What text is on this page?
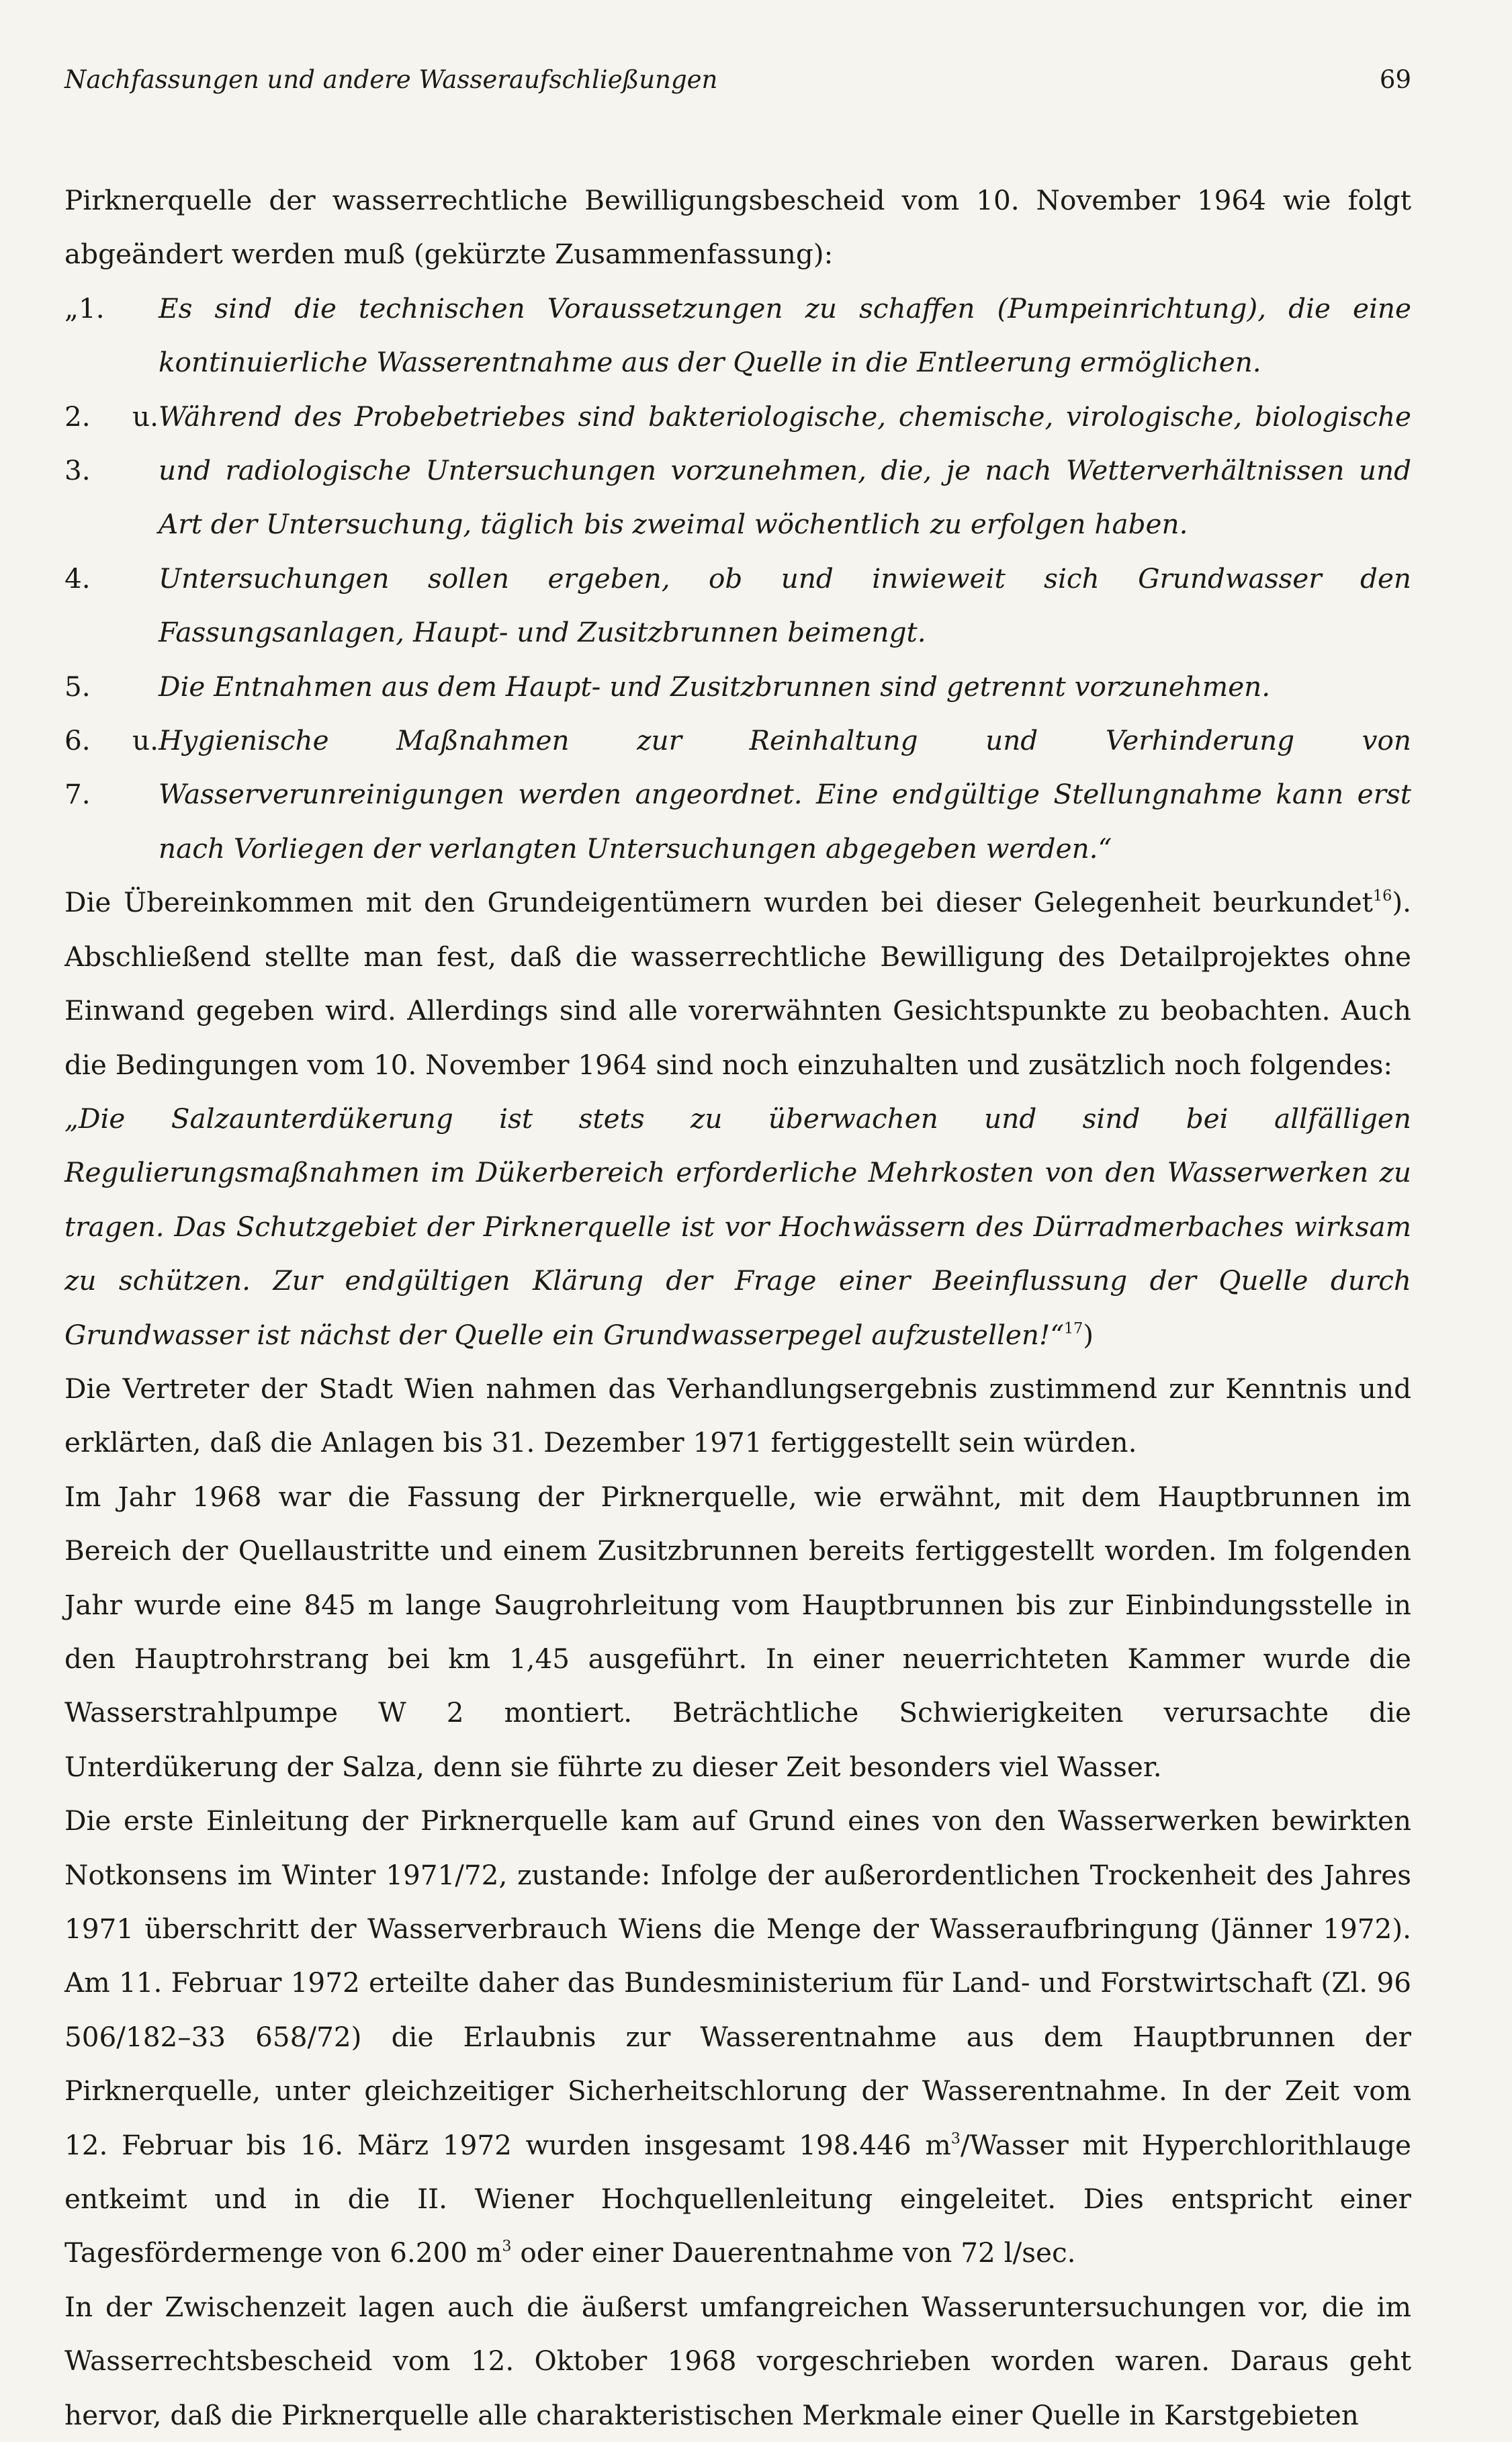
Nachfassungen und andere Wasseraufschließungen	69

Pirknerquelle der wasserrechtliche Bewilligungsbescheid vom 10. November 1964 wie folgt abgeändert werden muß (gekürzte Zusammenfassung):

„1.	Es sind die technischen Voraussetzungen zu schaffen (Pumpeinrichtung), die eine kontinuierliche Wasserentnahme aus der Quelle in die Entleerung ermöglichen.
2. u. 3.
Während des Probebetriebes sind bakteriologische, chemische, virologische, biologische und radiologische Untersuchungen vorzunehmen, die, je nach Wetterverhältnissen und Art der Untersuchung, täglich bis zweimal wöchentlich zu erfolgen haben.
4.	Untersuchungen sollen ergeben, ob und inwieweit sich Grundwasser den Fassungsanlagen, Haupt- und Zusitzbrunnen beimengt.
5.	Die Entnahmen aus dem Haupt- und Zusitzbrunnen sind getrennt vorzunehmen.
6. u. 7.
Hygienische Maßnahmen zur Reinhaltung und Verhinderung von Wasserverunreinigungen werden angeordnet. Eine endgültige Stellungnahme kann erst nach Vorliegen der verlangten Untersuchungen abgegeben werden.“

Die Übereinkommen mit den Grundeigentümern wurden bei dieser Gelegenheit beurkundet$^{16}$). Abschließend stellte man fest, daß die wasserrechtliche Bewilligung des Detailprojektes ohne Einwand gegeben wird. Allerdings sind alle vorerwähnten Gesichtspunkte zu beobachten. Auch die Bedingungen vom 10. November 1964 sind noch einzuhalten und zusätzlich noch folgendes:

„Die Salzaunterdükerung ist stets zu überwachen und sind bei allfälligen Regulierungsmaßnahmen im Dükerbereich erforderliche Mehrkosten von den Wasserwerken zu tragen. Das Schutzgebiet der Pirknerquelle ist vor Hochwässern des Dürradmerbaches wirksam zu schützen. Zur endgültigen Klärung der Frage einer Beeinflussung der Quelle durch Grundwasser ist nächst der Quelle ein Grundwasserpegel aufzustellen!“$^{17}$)

Die Vertreter der Stadt Wien nahmen das Verhandlungsergebnis zustimmend zur Kenntnis und erklärten, daß die Anlagen bis 31. Dezember 1971 fertiggestellt sein würden.

Im Jahr 1968 war die Fassung der Pirknerquelle, wie erwähnt, mit dem Hauptbrunnen im Bereich der Quellaustritte und einem Zusitzbrunnen bereits fertiggestellt worden. Im folgenden Jahr wurde eine 845 m lange Saugrohrleitung vom Hauptbrunnen bis zur Einbindungsstelle in den Hauptrohrstrang bei km 1,45 ausgeführt. In einer neuerrichteten Kammer wurde die Wasserstrahlpumpe W 2 montiert. Beträchtliche Schwierigkeiten verursachte die Unterdükerung der Salza, denn sie führte zu dieser Zeit besonders viel Wasser.

Die erste Einleitung der Pirknerquelle kam auf Grund eines von den Wasserwerken bewirkten Notkonsens im Winter 1971/72, zustande: Infolge der außerordentlichen Trockenheit des Jahres 1971 überschritt der Wasserverbrauch Wiens die Menge der Wasseraufbringung (Jänner 1972). Am 11. Februar 1972 erteilte daher das Bundesministerium für Land- und Forstwirtschaft (Zl. 96 506/182–33 658/72) die Erlaubnis zur Wasserentnahme aus dem Hauptbrunnen der Pirknerquelle, unter gleichzeitiger Sicherheitschlorung der Wasserentnahme. In der Zeit vom 12. Februar bis 16. März 1972 wurden insgesamt 198.446 $m^3$/Wasser mit Hyperchlorithlauge entkeimt und in die II. Wiener Hochquellenleitung eingeleitet. Dies entspricht einer Tagesfördermenge von 6.200 $m^3$ oder einer Dauerentnahme von 72 l/sec.

In der Zwischenzeit lagen auch die äußerst umfangreichen Wasseruntersuchungen vor, die im Wasserrechtsbescheid vom 12. Oktober 1968 vorgeschrieben worden waren. Daraus geht hervor, daß die Pirknerquelle alle charakteristischen Merkmale einer Quelle in Karstgebieten
